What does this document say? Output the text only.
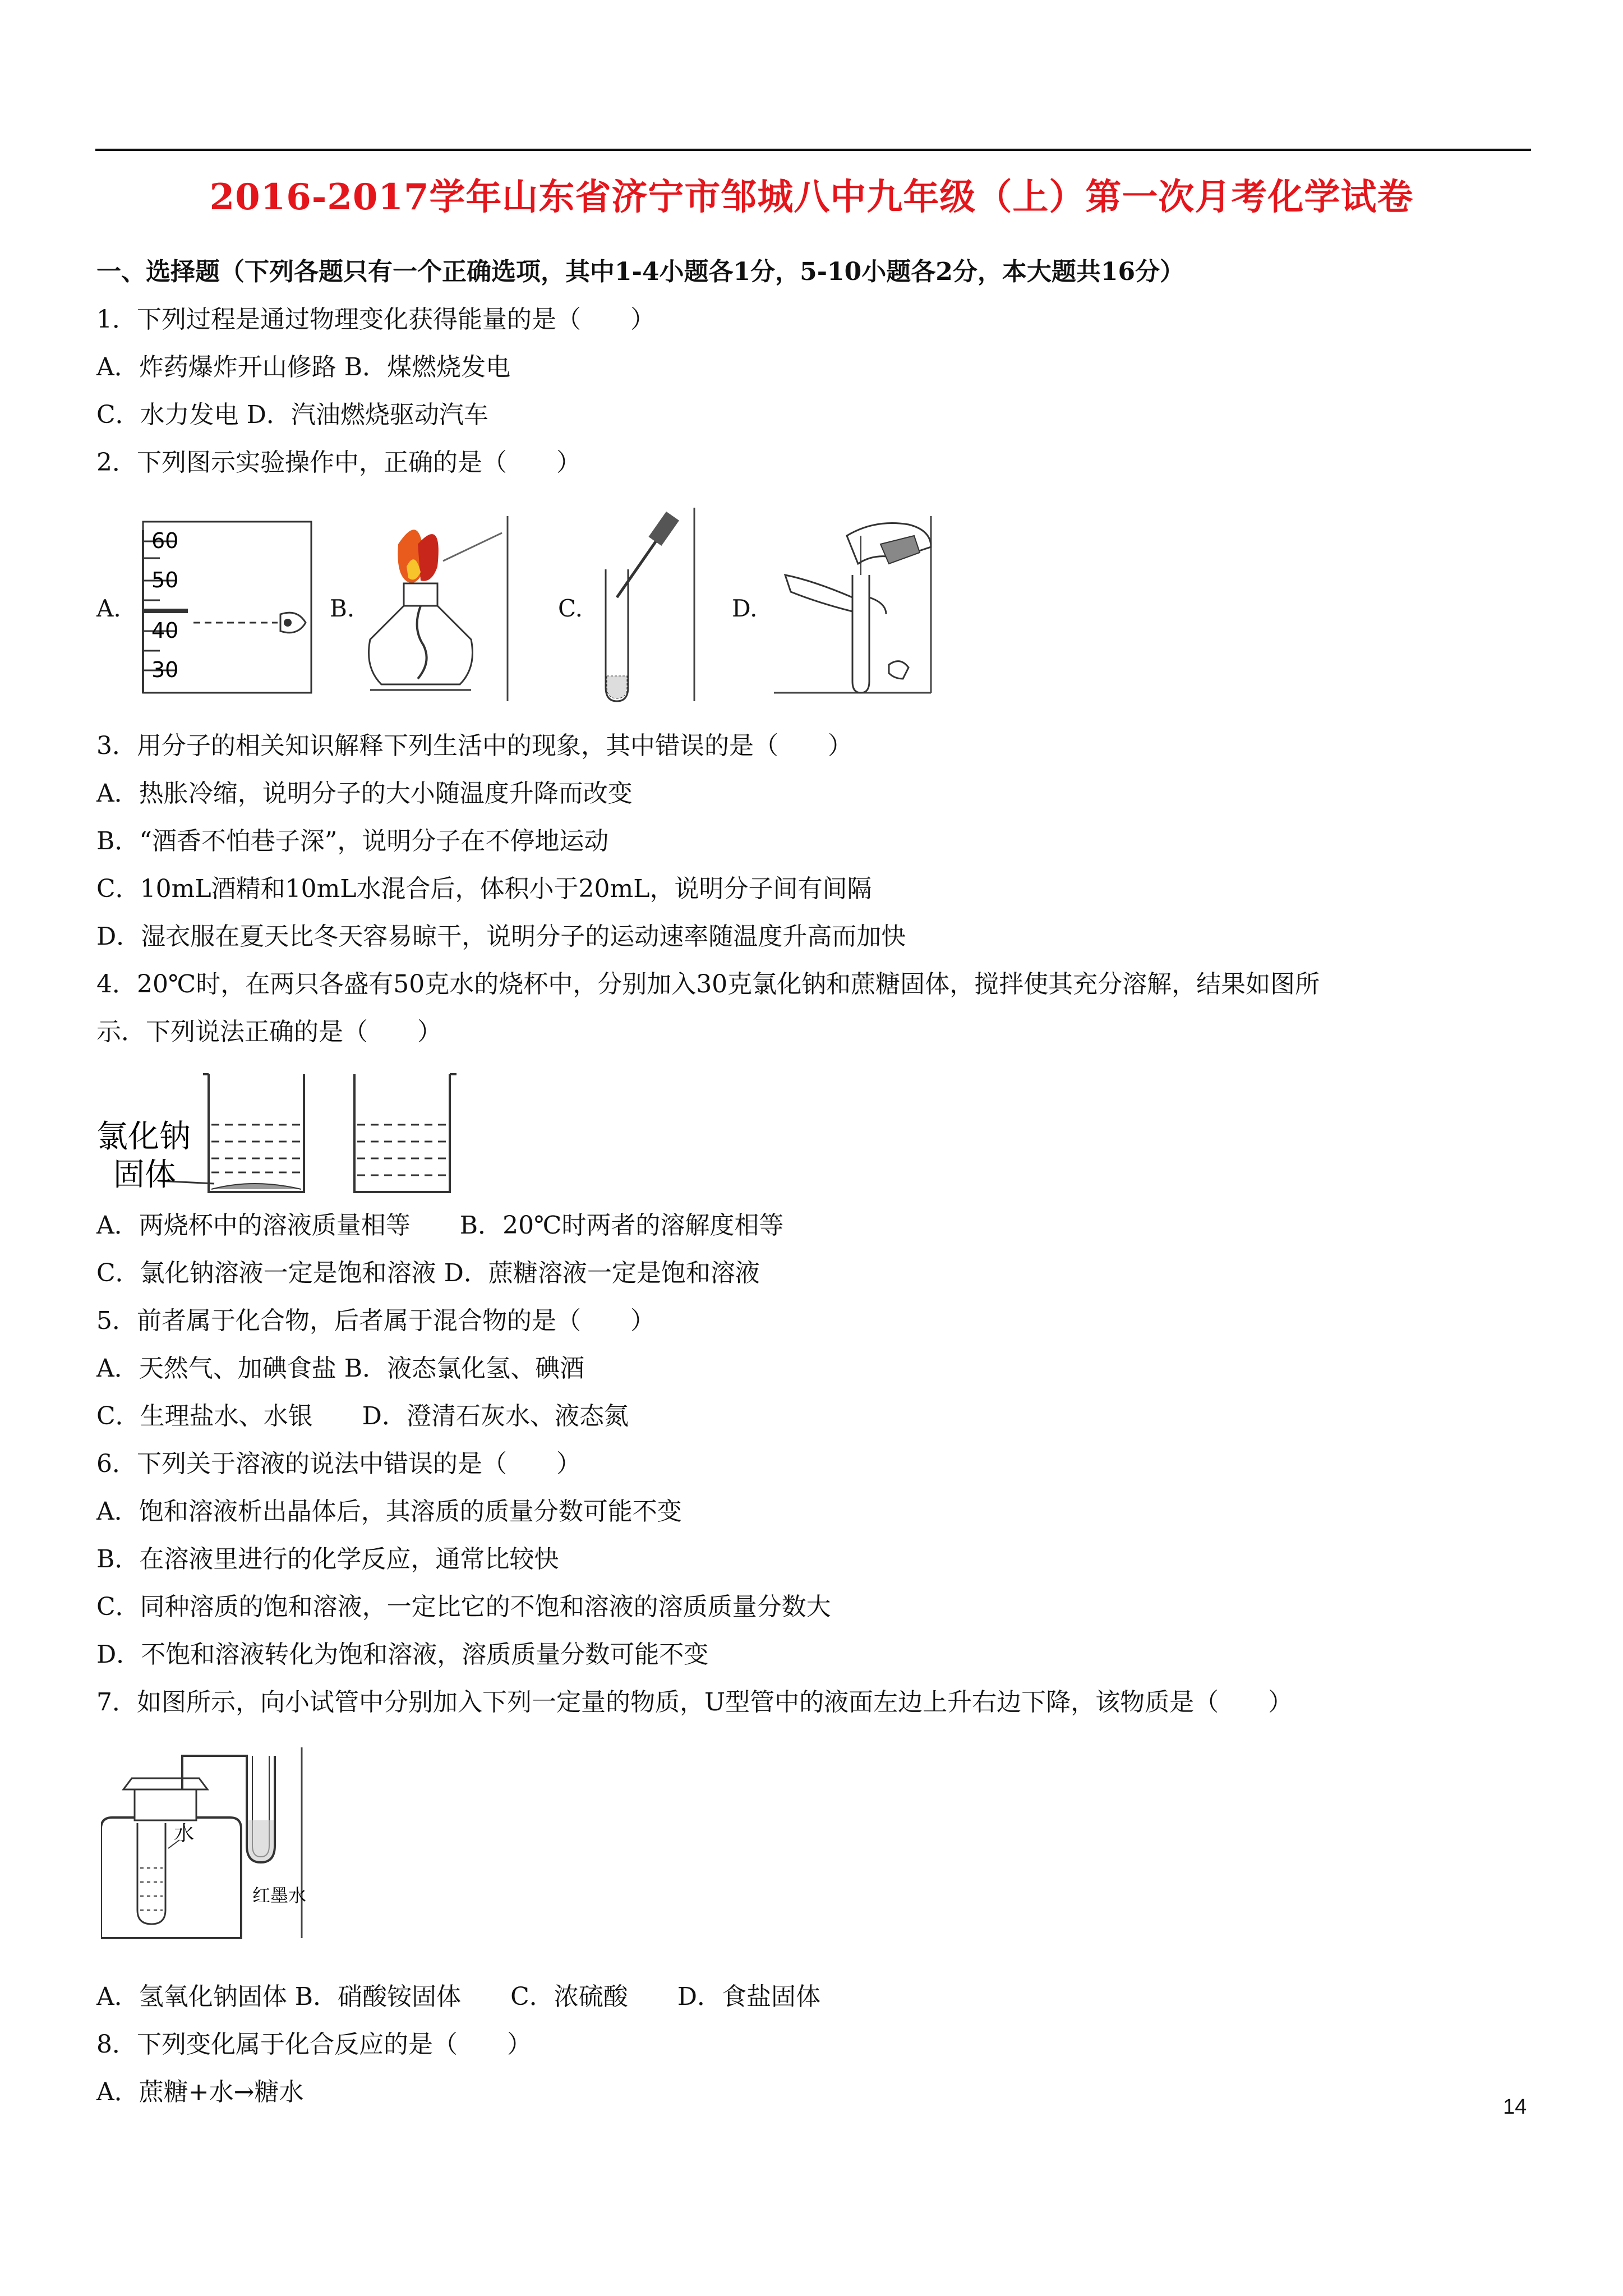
2016-2017学年山东省济宁市邹城八中九年级（上）第一次月考化学试卷
一、选择题（下列各题只有一个正确选项，其中1-4小题各1分，5-10小题各2分，本大题共16分）
1．下列过程是通过物理变化获得能量的是（　　）
A．炸药爆炸开山修路 B．煤燃烧发电
C．水力发电 D．汽油燃烧驱动汽车
2．下列图示实验操作中，正确的是（　　）
A.	B.	C.	D.
60
50
40
30
3．用分子的相关知识解释下列生活中的现象，其中错误的是（　　）
A．热胀冷缩，说明分子的大小随温度升降而改变
B．“酒香不怕巷子深”，说明分子在不停地运动
C．10mL酒精和10mL水混合后，体积小于20mL，说明分子间有间隔
D．湿衣服在夏天比冬天容易晾干，说明分子的运动速率随温度升高而加快
4．20℃时，在两只各盛有50克水的烧杯中，分别加入30克氯化钠和蔗糖固体，搅拌使其充分溶解，结果如图所
示．下列说法正确的是（　　）
氯化钠
固体
A．两烧杯中的溶液质量相等　　B．20℃时两者的溶解度相等
C．氯化钠溶液一定是饱和溶液 D．蔗糖溶液一定是饱和溶液
5．前者属于化合物，后者属于混合物的是（　　）
A．天然气、加碘食盐 B．液态氯化氢、碘酒
C．生理盐水、水银　　D．澄清石灰水、液态氮
6．下列关于溶液的说法中错误的是（　　）
A．饱和溶液析出晶体后，其溶质的质量分数可能不变
B．在溶液里进行的化学反应，通常比较快
C．同种溶质的饱和溶液，一定比它的不饱和溶液的溶质质量分数大
D．不饱和溶液转化为饱和溶液，溶质质量分数可能不变
7．如图所示，向小试管中分别加入下列一定量的物质，U型管中的液面左边上升右边下降，该物质是（　　）
水
红墨水
A．氢氧化钠固体 B．硝酸铵固体　　C．浓硫酸　　D．食盐固体
8．下列变化属于化合反应的是（　　）
A．蔗糖+水→糖水
14
